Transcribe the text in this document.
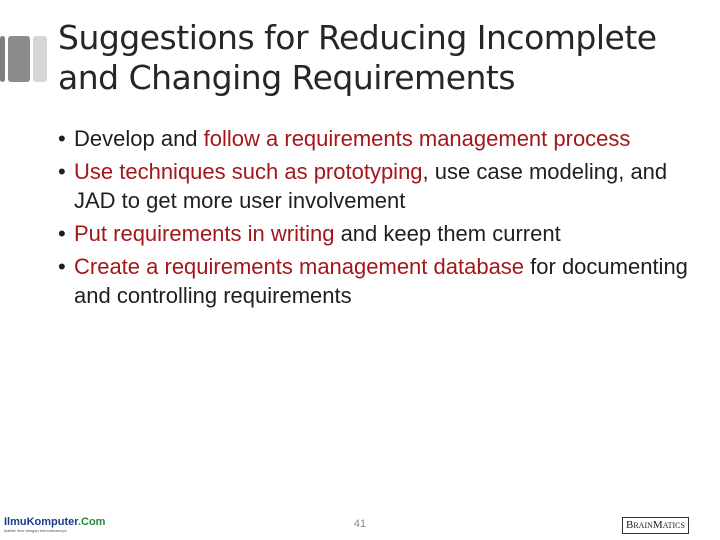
Suggestions for Reducing Incomplete and Changing Requirements
• Develop and follow a requirements management process
• Use techniques such as prototyping, use case modeling, and JAD to get more user involvement
• Put requirements in writing and keep them current
• Create a requirements management database for documenting and controlling requirements
IlmuKomputer.Com
Ikatlah ilmu dengan menuliskannya
41	BRAINMATICS
